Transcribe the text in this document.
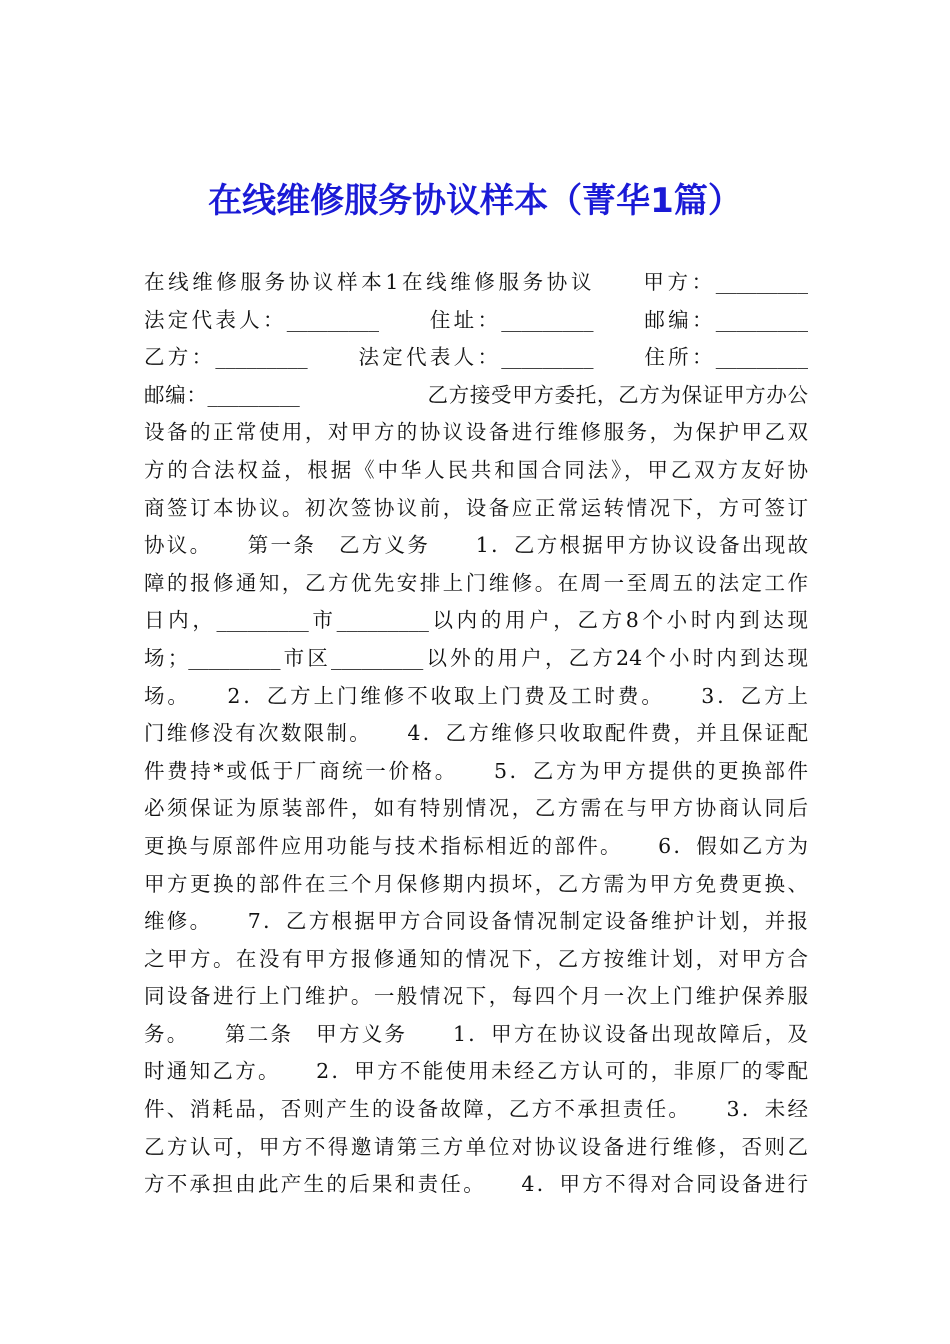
在线维修服务协议样本（菁华1篇）
在线维修服务协议样本1在线维修服务协议　　甲方：_________
法定代表人：_________　　住址：_________　　邮编：_________
乙方：_________　　法定代表人：_________　　住所：_________
邮编：_________　　　　　　乙方接受甲方委托，乙方为保证甲方办公
设备的正常使用，对甲方的协议设备进行维修服务，为保护甲乙双
方的合法权益，根据《中华人民共和国合同法》，甲乙双方友好协
商签订本协议。初次签协议前，设备应正常运转情况下，方可签订
协议。　　第一条　乙方义务　　1．乙方根据甲方协议设备出现故
障的报修通知，乙方优先安排上门维修。在周一至周五的法定工作
日内，_________市_________以内的用户，乙方8个小时内到达现
场；_________市区_________以外的用户，乙方24个小时内到达现
场。　　2．乙方上门维修不收取上门费及工时费。　　3．乙方上
门维修没有次数限制。　　4．乙方维修只收取配件费，并且保证配
件费持*或低于厂商统一价格。　　5．乙方为甲方提供的更换部件
必须保证为原装部件，如有特别情况，乙方需在与甲方协商认同后
更换与原部件应用功能与技术指标相近的部件。　　6．假如乙方为
甲方更换的部件在三个月保修期内损坏，乙方需为甲方免费更换、
维修。　　7．乙方根据甲方合同设备情况制定设备维护计划，并报
之甲方。在没有甲方报修通知的情况下，乙方按维计划，对甲方合
同设备进行上门维护。一般情况下，每四个月一次上门维护保养服
务。　　第二条　甲方义务　　1．甲方在协议设备出现故障后，及
时通知乙方。　　2．甲方不能使用未经乙方认可的，非原厂的零配
件、消耗品，否则产生的设备故障，乙方不承担责任。　　3．未经
乙方认可，甲方不得邀请第三方单位对协议设备进行维修，否则乙
方不承担由此产生的后果和责任。　　4．甲方不得对合同设备进行
